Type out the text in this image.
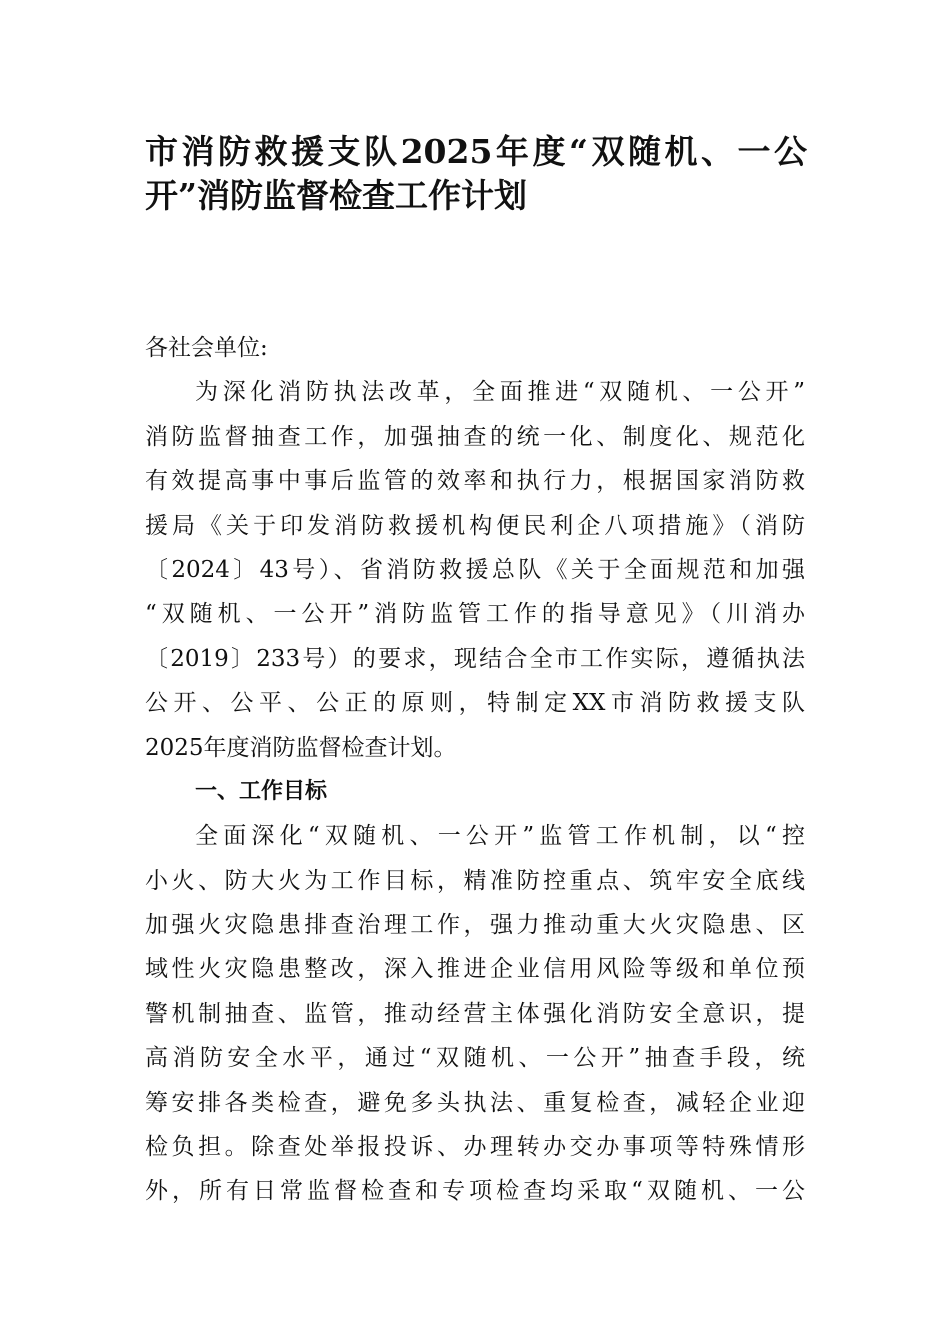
市消防救援支队2025年度“双随机、一公
开”消防监督检查工作计划
各社会单位:
为深化消防执法改革，全面推进“双随机、一公开”
消防监督抽查工作，加强抽查的统一化、制度化、规范化
有效提高事中事后监管的效率和执行力，根据国家消防救
援局《关于印发消防救援机构便民利企八项措施》（消防
〔2024〕43号）、省消防救援总队《关于全面规范和加强
“双随机、一公开”消防监管工作的指导意见》（川消办
〔2019〕233号）的要求，现结合全市工作实际，遵循执法
公开、公平、公正的原则，特制定XX市消防救援支队
2025年度消防监督检查计划。
一、工作目标
全面深化“双随机、一公开”监管工作机制，以“控
小火、防大火为工作目标，精准防控重点、筑牢安全底线
加强火灾隐患排查治理工作，强力推动重大火灾隐患、区
域性火灾隐患整改，深入推进企业信用风险等级和单位预
警机制抽查、监管，推动经营主体强化消防安全意识，提
高消防安全水平，通过“双随机、一公开”抽查手段，统
筹安排各类检查，避免多头执法、重复检查，减轻企业迎
检负担。除查处举报投诉、办理转办交办事项等特殊情形
外，所有日常监督检查和专项检查均采取“双随机、一公
